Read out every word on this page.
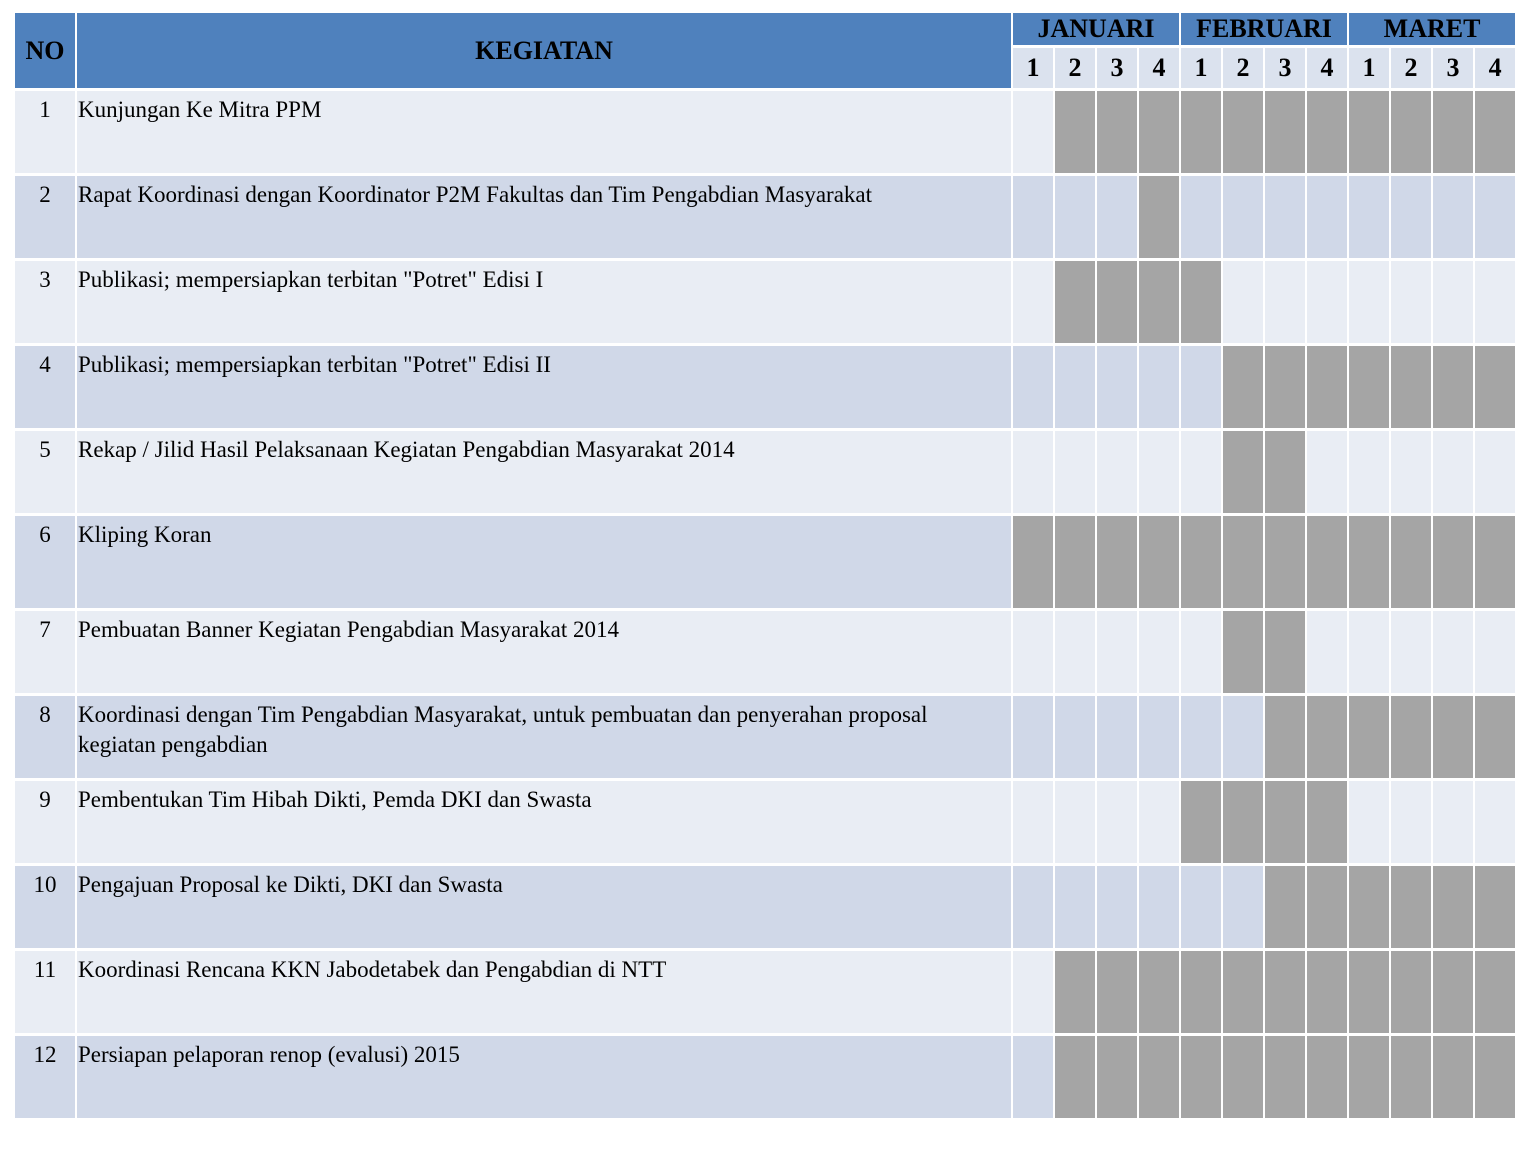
NO	KEGIATAN	JANUARI				FEBRUARI				MARET			
		1	2	3	4	1	2	3	4	1	2	3	4
1	Kunjungan Ke Mitra PPM												
2	Rapat Koordinasi dengan Koordinator P2M Fakultas dan Tim Pengabdian Masyarakat												
3	Publikasi; mempersiapkan terbitan "Potret" Edisi I												
4	Publikasi; mempersiapkan terbitan "Potret" Edisi II												
5	Rekap / Jilid Hasil Pelaksanaan Kegiatan Pengabdian Masyarakat 2014												
6	Kliping Koran												
7	Pembuatan Banner Kegiatan Pengabdian Masyarakat 2014												
8	Koordinasi dengan Tim Pengabdian Masyarakat, untuk pembuatan dan penyerahan proposal kegiatan pengabdian												
9	Pembentukan Tim Hibah Dikti, Pemda DKI dan Swasta												
10	Pengajuan Proposal ke Dikti, DKI dan Swasta												
11	Koordinasi Rencana KKN Jabodetabek dan Pengabdian di NTT												
12	Persiapan pelaporan renop (evalusi) 2015												
